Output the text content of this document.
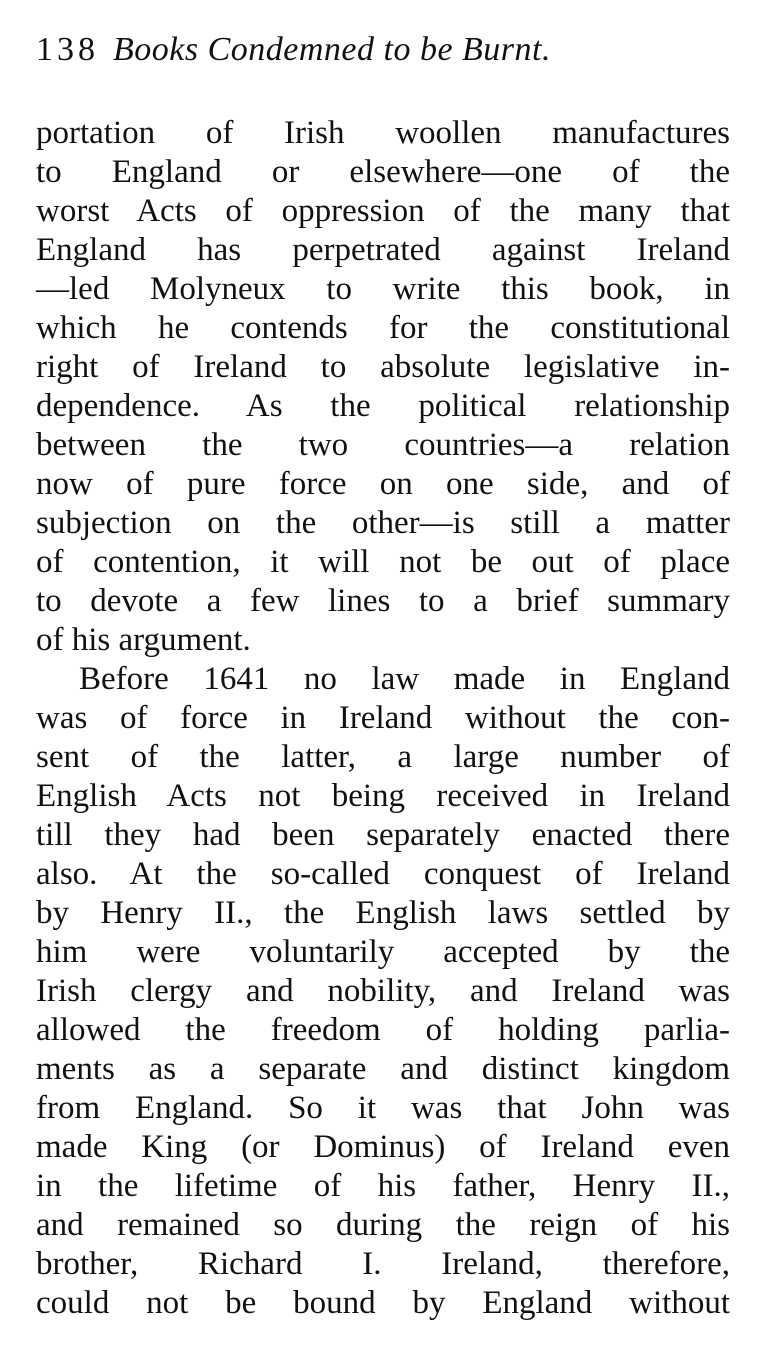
138 Books Condemned to be Burnt.
portation of Irish woollen manufactures
to England or elsewhere—one of the
worst Acts of oppression of the many that
England has perpetrated against Ireland
—led Molyneux to write this book, in
which he contends for the constitutional
right of Ireland to absolute legislative in-
dependence. As the political relationship
between the two countries—a relation
now of pure force on one side, and of
subjection on the other—is still a matter
of contention, it will not be out of place
to devote a few lines to a brief summary
of his argument.
Before 1641 no law made in England
was of force in Ireland without the con-
sent of the latter, a large number of
English Acts not being received in Ireland
till they had been separately enacted there
also. At the so-called conquest of Ireland
by Henry II., the English laws settled by
him were voluntarily accepted by the
Irish clergy and nobility, and Ireland was
allowed the freedom of holding parlia-
ments as a separate and distinct kingdom
from England. So it was that John was
made King (or Dominus) of Ireland even
in the lifetime of his father, Henry II.,
and remained so during the reign of his
brother, Richard I. Ireland, therefore,
could not be bound by England without
